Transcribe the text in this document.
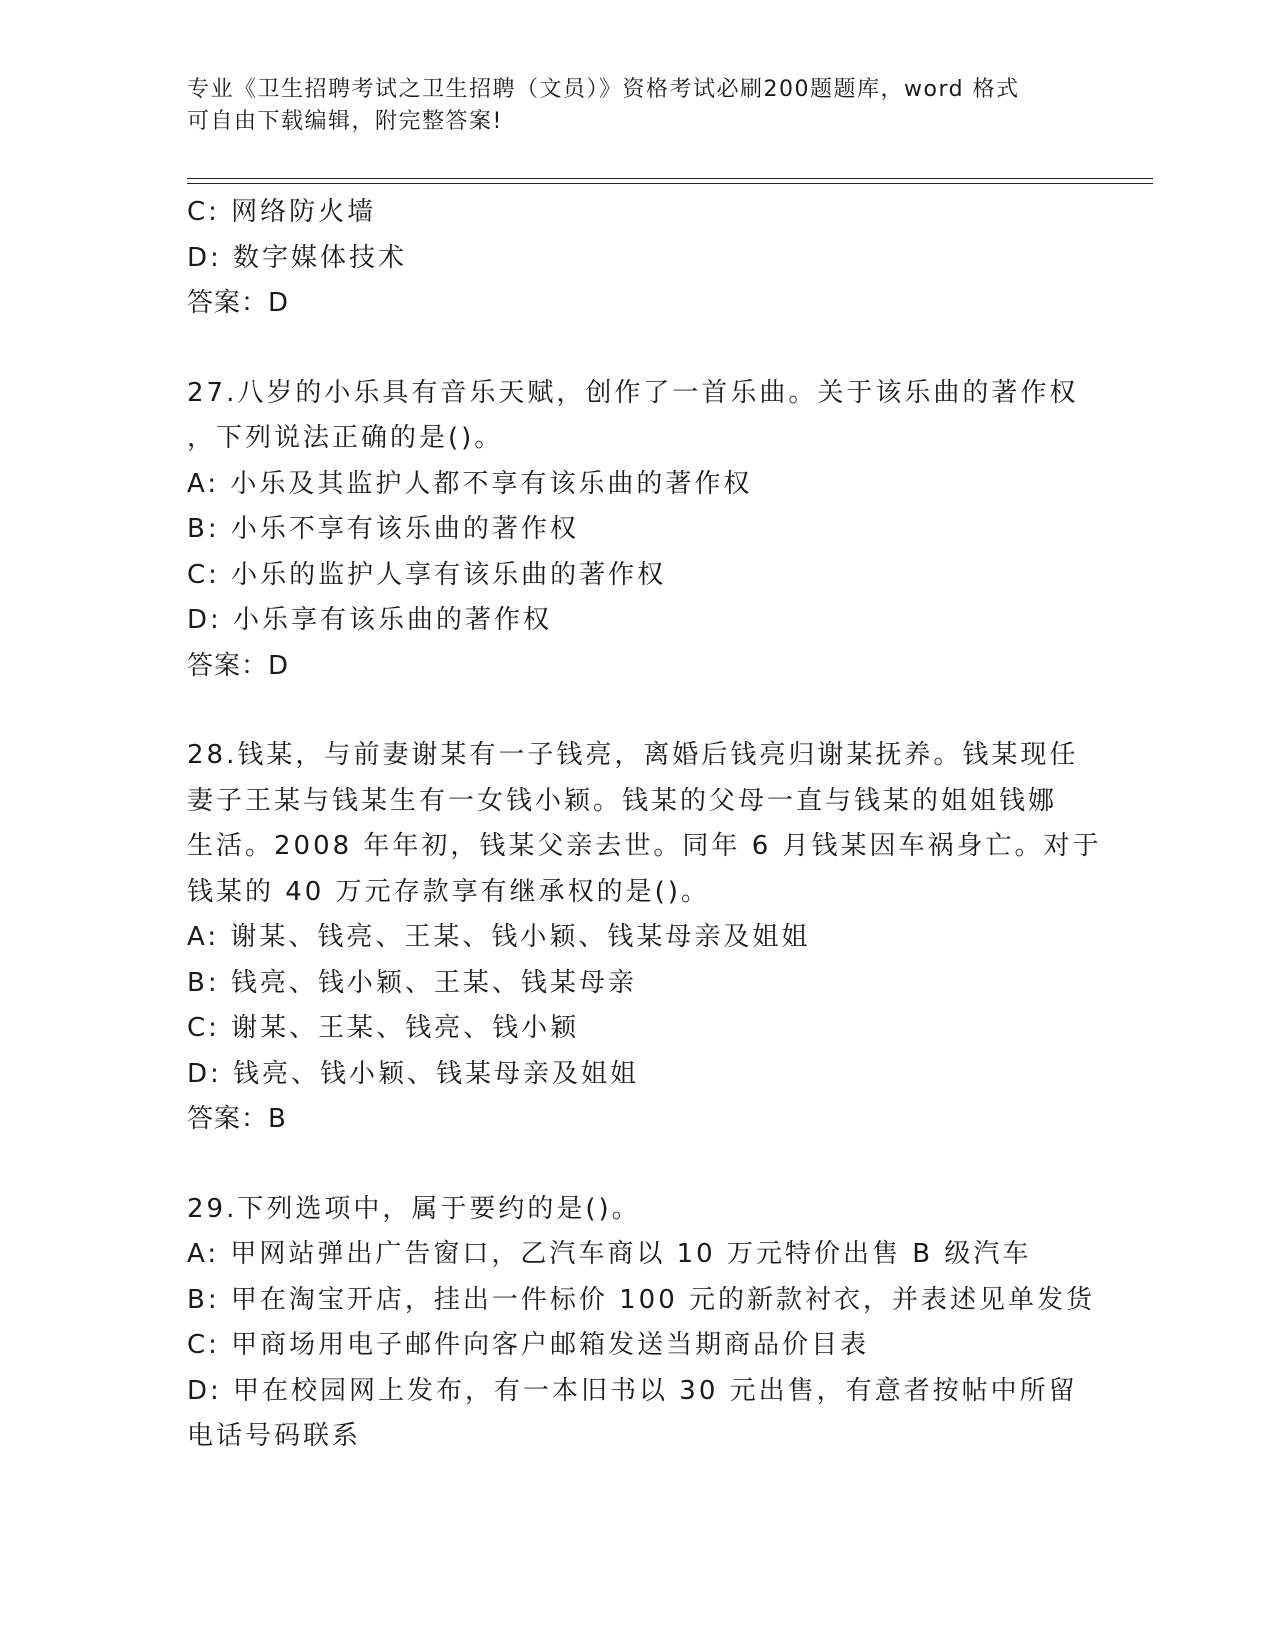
专业《卫生招聘考试之卫生招聘（文员）》资格考试必刷200题题库，word 格式
可自由下载编辑，附完整答案!
C: 网络防火墙
D: 数字媒体技术
答案：D
27.八岁的小乐具有音乐天赋，创作了一首乐曲。关于该乐曲的著作权
，下列说法正确的是()。
A: 小乐及其监护人都不享有该乐曲的著作权
B: 小乐不享有该乐曲的著作权
C: 小乐的监护人享有该乐曲的著作权
D: 小乐享有该乐曲的著作权
答案：D
28.钱某，与前妻谢某有一子钱亮，离婚后钱亮归谢某抚养。钱某现任
妻子王某与钱某生有一女钱小颖。钱某的父母一直与钱某的姐姐钱娜
生活。2008 年年初，钱某父亲去世。同年 6 月钱某因车祸身亡。对于
钱某的 40 万元存款享有继承权的是()。
A: 谢某、钱亮、王某、钱小颖、钱某母亲及姐姐
B: 钱亮、钱小颖、王某、钱某母亲
C: 谢某、王某、钱亮、钱小颖
D: 钱亮、钱小颖、钱某母亲及姐姐
答案：B
29.下列选项中，属于要约的是()。
A: 甲网站弹出广告窗口，乙汽车商以 10 万元特价出售 B 级汽车
B: 甲在淘宝开店，挂出一件标价 100 元的新款衬衣，并表述见单发货
C: 甲商场用电子邮件向客户邮箱发送当期商品价目表
D: 甲在校园网上发布，有一本旧书以 30 元出售，有意者按帖中所留
电话号码联系
